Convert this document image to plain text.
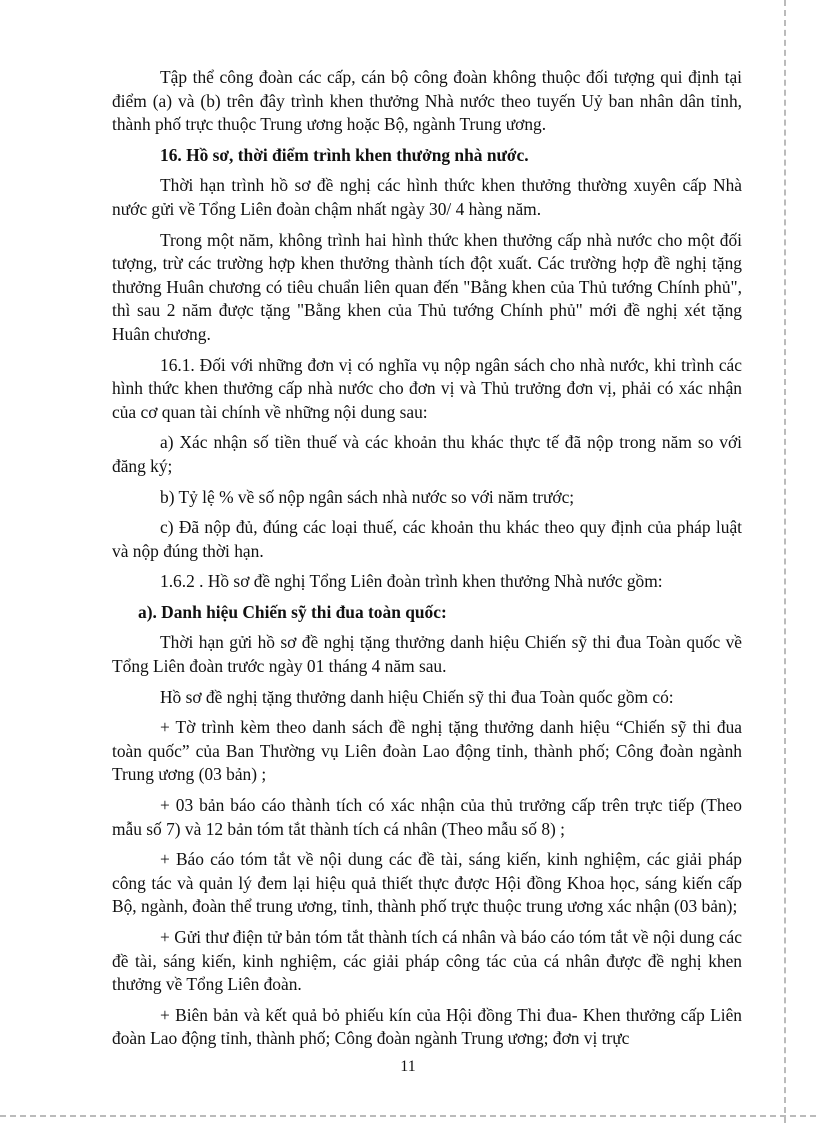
Tập thể công đoàn các cấp, cán bộ công đoàn không thuộc đối tượng qui định tại điểm (a) và (b) trên đây trình khen thưởng Nhà nước theo tuyến Uỷ ban nhân dân tỉnh, thành phố trực thuộc Trung ương hoặc Bộ, ngành Trung ương.

16. Hồ sơ, thời điểm trình khen thưởng nhà nước.

Thời hạn trình hồ sơ đề nghị các hình thức khen thưởng thường xuyên cấp Nhà nước gửi về Tổng Liên đoàn chậm nhất ngày 30/ 4 hàng năm.

Trong một năm, không trình hai hình thức khen thưởng cấp nhà nước cho một đối tượng, trừ các trường hợp khen thưởng thành tích đột xuất. Các trường hợp đề nghị tặng thưởng Huân chương có tiêu chuẩn liên quan đến "Bằng khen của Thủ tướng Chính phủ", thì sau 2 năm được tặng "Bằng khen của Thủ tướng Chính phủ" mới đề nghị xét tặng Huân chương.

16.1. Đối với những đơn vị có nghĩa vụ nộp ngân sách cho nhà nước, khi trình các hình thức khen thưởng cấp nhà nước cho đơn vị và Thủ trưởng đơn vị, phải có xác nhận của cơ quan tài chính về những nội dung sau:

a) Xác nhận số tiền thuế và các khoản thu khác thực tế đã nộp trong năm so với đăng ký;

b) Tỷ lệ % về số nộp ngân sách nhà nước so với năm trước;

c) Đã nộp đủ, đúng các loại thuế, các khoản thu khác theo quy định của pháp luật và nộp đúng thời hạn.

1.6.2 . Hồ sơ đề nghị Tổng Liên đoàn trình khen thưởng Nhà nước gồm:

a). Danh hiệu Chiến sỹ thi đua toàn quốc:

Thời hạn gửi hồ sơ đề nghị tặng thưởng danh hiệu Chiến sỹ thi đua Toàn quốc về Tổng Liên đoàn trước ngày 01 tháng 4 năm sau.

Hồ sơ đề nghị tặng thưởng danh hiệu Chiến sỹ thi đua Toàn quốc gồm có:

+ Tờ trình kèm theo danh sách đề nghị tặng thưởng danh hiệu “Chiến sỹ thi đua toàn quốc” của Ban Thường vụ Liên đoàn Lao động tỉnh, thành phố; Công đoàn ngành Trung ương (03 bản) ;

+ 03 bản báo cáo thành tích có xác nhận của thủ trưởng cấp trên trực tiếp (Theo mẫu số 7) và 12 bản tóm tắt thành tích cá nhân (Theo mẫu số 8) ;

+ Báo cáo tóm tắt về nội dung các đề tài, sáng kiến, kinh nghiệm, các giải pháp công tác và quản lý đem lại hiệu quả thiết thực được Hội đồng Khoa học, sáng kiến cấp Bộ, ngành, đoàn thể trung ương, tỉnh, thành phố trực thuộc trung ương xác nhận (03 bản);

+ Gửi thư điện tử bản tóm tắt thành tích cá nhân và báo cáo tóm tắt về nội dung các đề tài, sáng kiến, kinh nghiệm, các giải pháp công tác của cá nhân được đề nghị khen thưởng về Tổng Liên đoàn.

+ Biên bản và kết quả bỏ phiếu kín của Hội đồng Thi đua- Khen thưởng cấp Liên đoàn Lao động tỉnh, thành phố; Công đoàn ngành Trung ương; đơn vị trực

11
